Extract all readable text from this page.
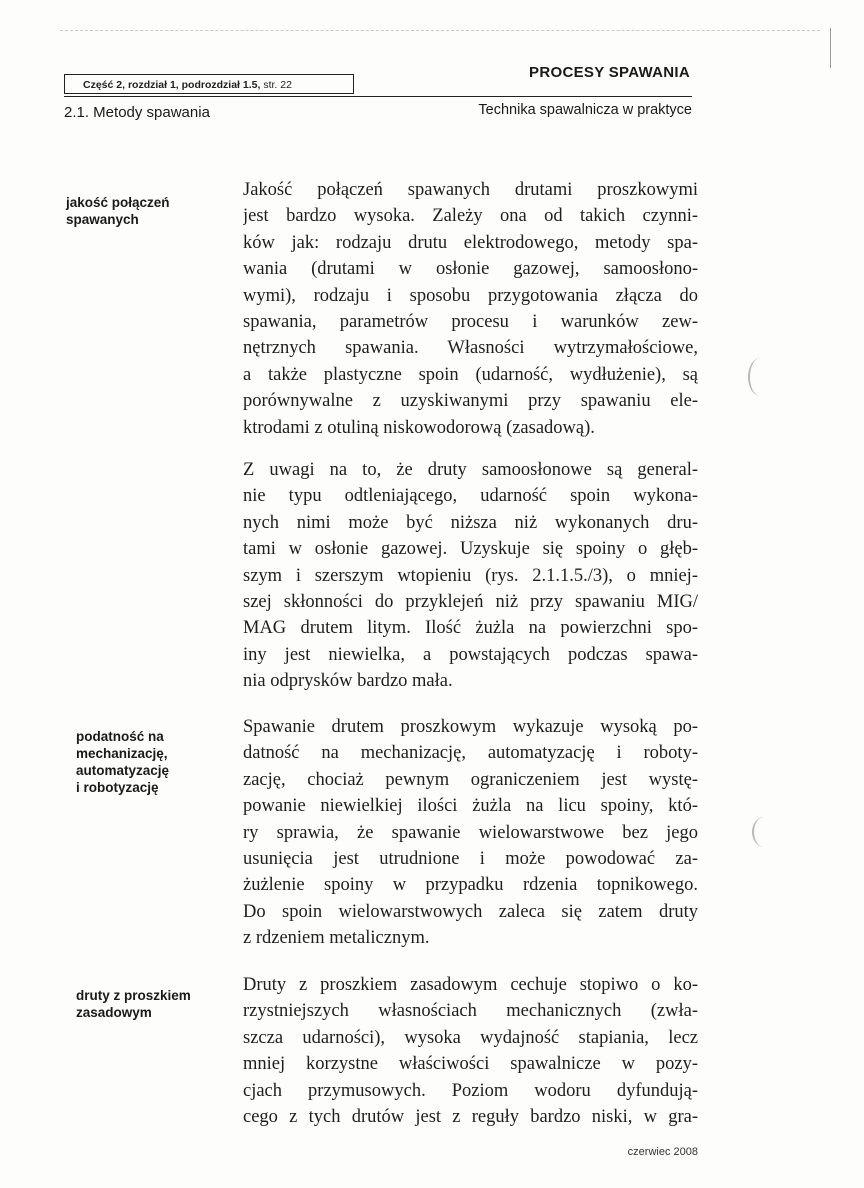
Część 2, rozdział 1, podrozdział 1.5, str. 22
PROCESY SPAWANIA
2.1. Metody spawania	Technika spawalnicza w praktyce
jakość połączeń
spawanych
podatność na
mechanizację,
automatyzację
i robotyzację
druty z proszkiem
zasadowym
Jakość połączeń spawanych drutami proszkowymi
jest bardzo wysoka. Zależy ona od takich czynni-
ków jak: rodzaju drutu elektrodowego, metody spa-
wania (drutami w osłonie gazowej, samoosłono-
wymi), rodzaju i sposobu przygotowania złącza do
spawania, parametrów procesu i warunków zew-
nętrznych spawania. Własności wytrzymałościowe,
a także plastyczne spoin (udarność, wydłużenie), są
porównywalne z uzyskiwanymi przy spawaniu ele-
ktrodami z otuliną niskowodorową (zasadową).
Z uwagi na to, że druty samoosłonowe są general-
nie typu odtleniającego, udarność spoin wykona-
nych nimi może być niższa niż wykonanych dru-
tami w osłonie gazowej. Uzyskuje się spoiny o głęb-
szym i szerszym wtopieniu (rys. 2.1.1.5./3), o mniej-
szej skłonności do przyklejeń niż przy spawaniu MIG/
MAG drutem litym. Ilość żużla na powierzchni spo-
iny jest niewielka, a powstających podczas spawa-
nia odprysków bardzo mała.
Spawanie drutem proszkowym wykazuje wysoką po-
datność na mechanizację, automatyzację i roboty-
zację, chociaż pewnym ograniczeniem jest wystę-
powanie niewielkiej ilości żużla na licu spoiny, któ-
ry sprawia, że spawanie wielowarstwowe bez jego
usunięcia jest utrudnione i może powodować za-
żużlenie spoiny w przypadku rdzenia topnikowego.
Do spoin wielowarstwowych zaleca się zatem druty
z rdzeniem metalicznym.
Druty z proszkiem zasadowym cechuje stopiwo o ko-
rzystniejszych własnościach mechanicznych (zwła-
szcza udarności), wysoka wydajność stapiania, lecz
mniej korzystne właściwości spawalnicze w pozy-
cjach przymusowych. Poziom wodoru dyfundują-
cego z tych drutów jest z reguły bardzo niski, w gra-
czerwiec 2008
